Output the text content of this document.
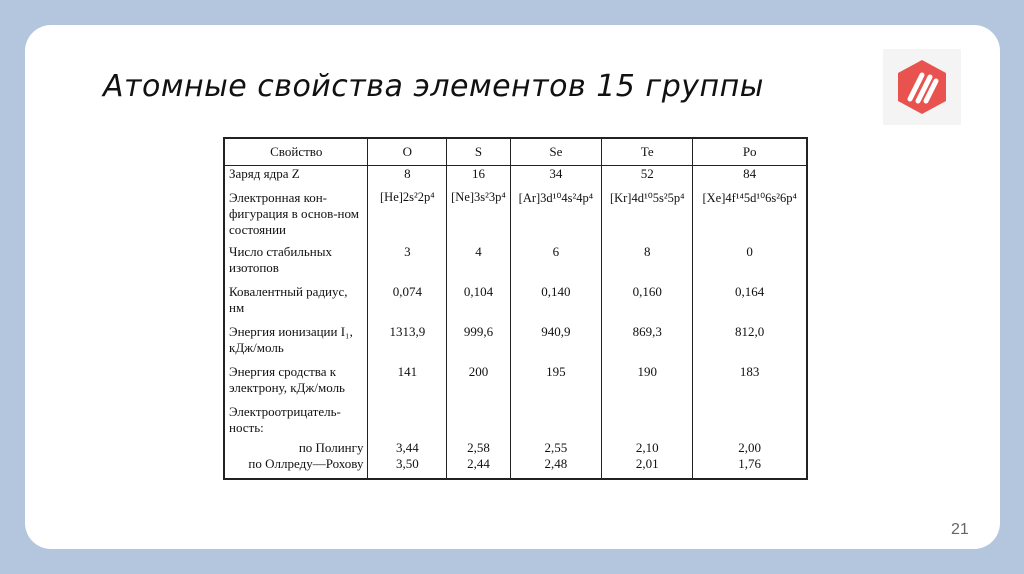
Атомные свойства элементов 15 группы
Свойство	O	S	Se	Te	Po
Заряд ядра Z	8	16	34	52	84
Электронная кон-фигурация в основ-ном состоянии	[He]2s²2p⁴	[Ne]3s²3p⁴	[Ar]3d¹⁰4s²4p⁴	[Kr]4d¹⁰5s²5p⁴	[Xe]4f¹⁴5d¹⁰6s²6p⁴
Число стабильных изотопов	3	4	6	8	0
Ковалентный радиус, нм	0,074	0,104	0,140	0,160	0,164
Энергия ионизации I₁, кДж/моль	1313,9	999,6	940,9	869,3	812,0
Энергия сродства к электрону, кДж/моль	141	200	195	190	183
Электроотрицатель-ность:					
по Полингу	3,44	2,58	2,55	2,10	2,00
по Оллреду—Рохову	3,50	2,44	2,48	2,01	1,76
21
